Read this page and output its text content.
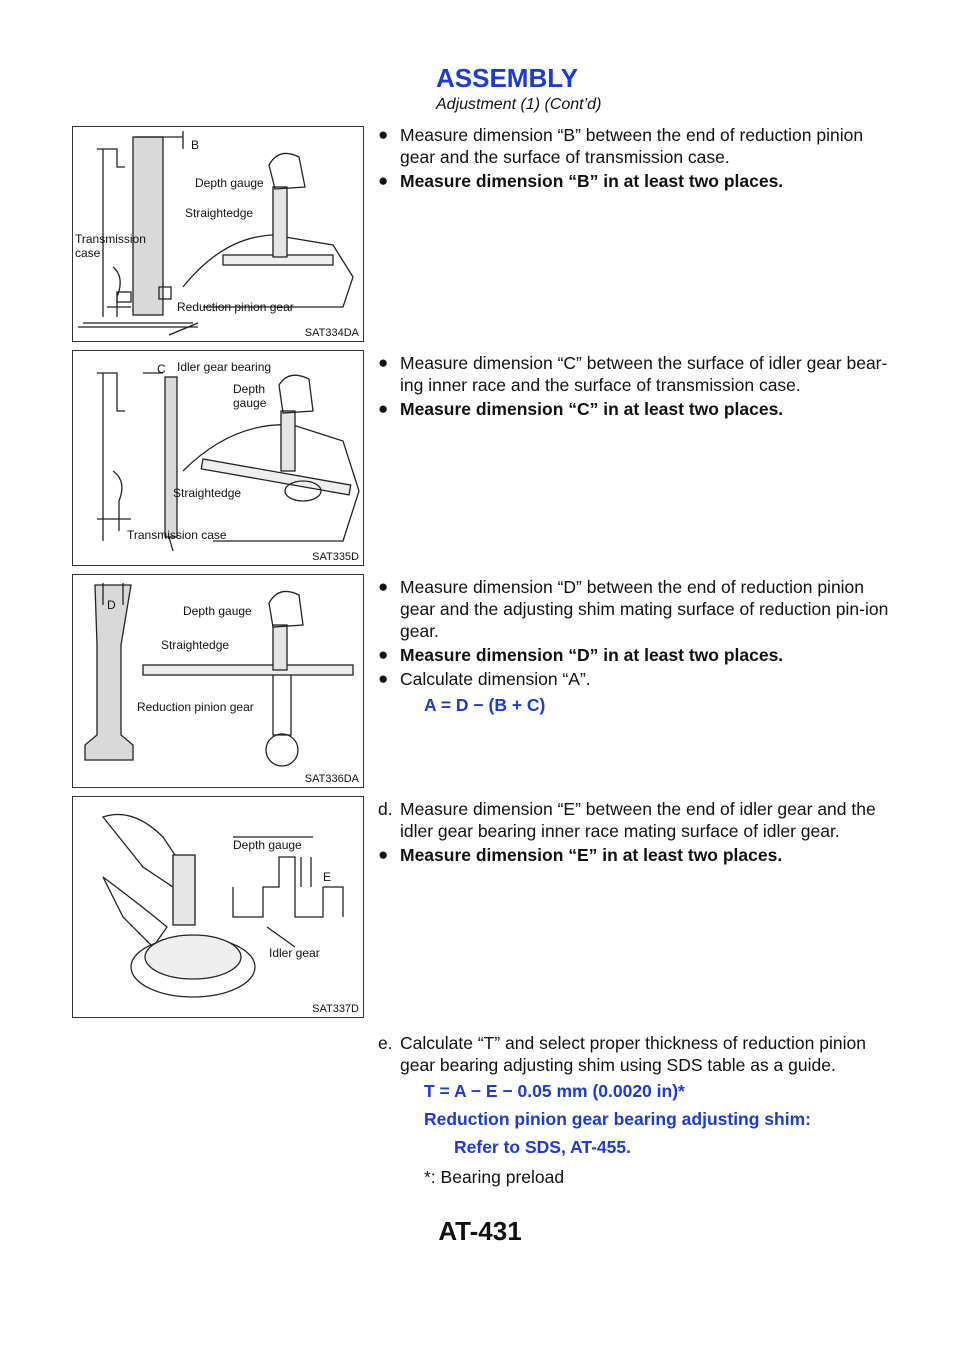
ASSEMBLY
Adjustment (1) (Cont’d)
B
Depth gauge
Straightedge
Transmission
case
Reduction pinion gear
SAT334DA
C Idler gear bearing
Depth
gauge
Straightedge
Transmission case
SAT335D
D	Depth gauge
Straightedge
Reduction pinion gear
SAT336DA
Depth gauge
E
Idler gear
SAT337D
● Measure dimension “B” between the end of reduction pinion gear and the surface of transmission case.
● Measure dimension “B” in at least two places.
● Measure dimension “C” between the surface of idler gear bear-ing inner race and the surface of transmission case.
● Measure dimension “C” in at least two places.
● Measure dimension “D” between the end of reduction pinion gear and the adjusting shim mating surface of reduction pin-ion gear.
● Measure dimension “D” in at least two places.
● Calculate dimension “A”.
A = D − (B + C)
d. Measure dimension “E” between the end of idler gear and the idler gear bearing inner race mating surface of idler gear.
● Measure dimension “E” in at least two places.
e. Calculate “T” and select proper thickness of reduction pinion gear bearing adjusting shim using SDS table as a guide.
T = A − E − 0.05 mm (0.0020 in)*
Reduction pinion gear bearing adjusting shim:
Refer to SDS, AT-455.
*: Bearing preload
AT-431
